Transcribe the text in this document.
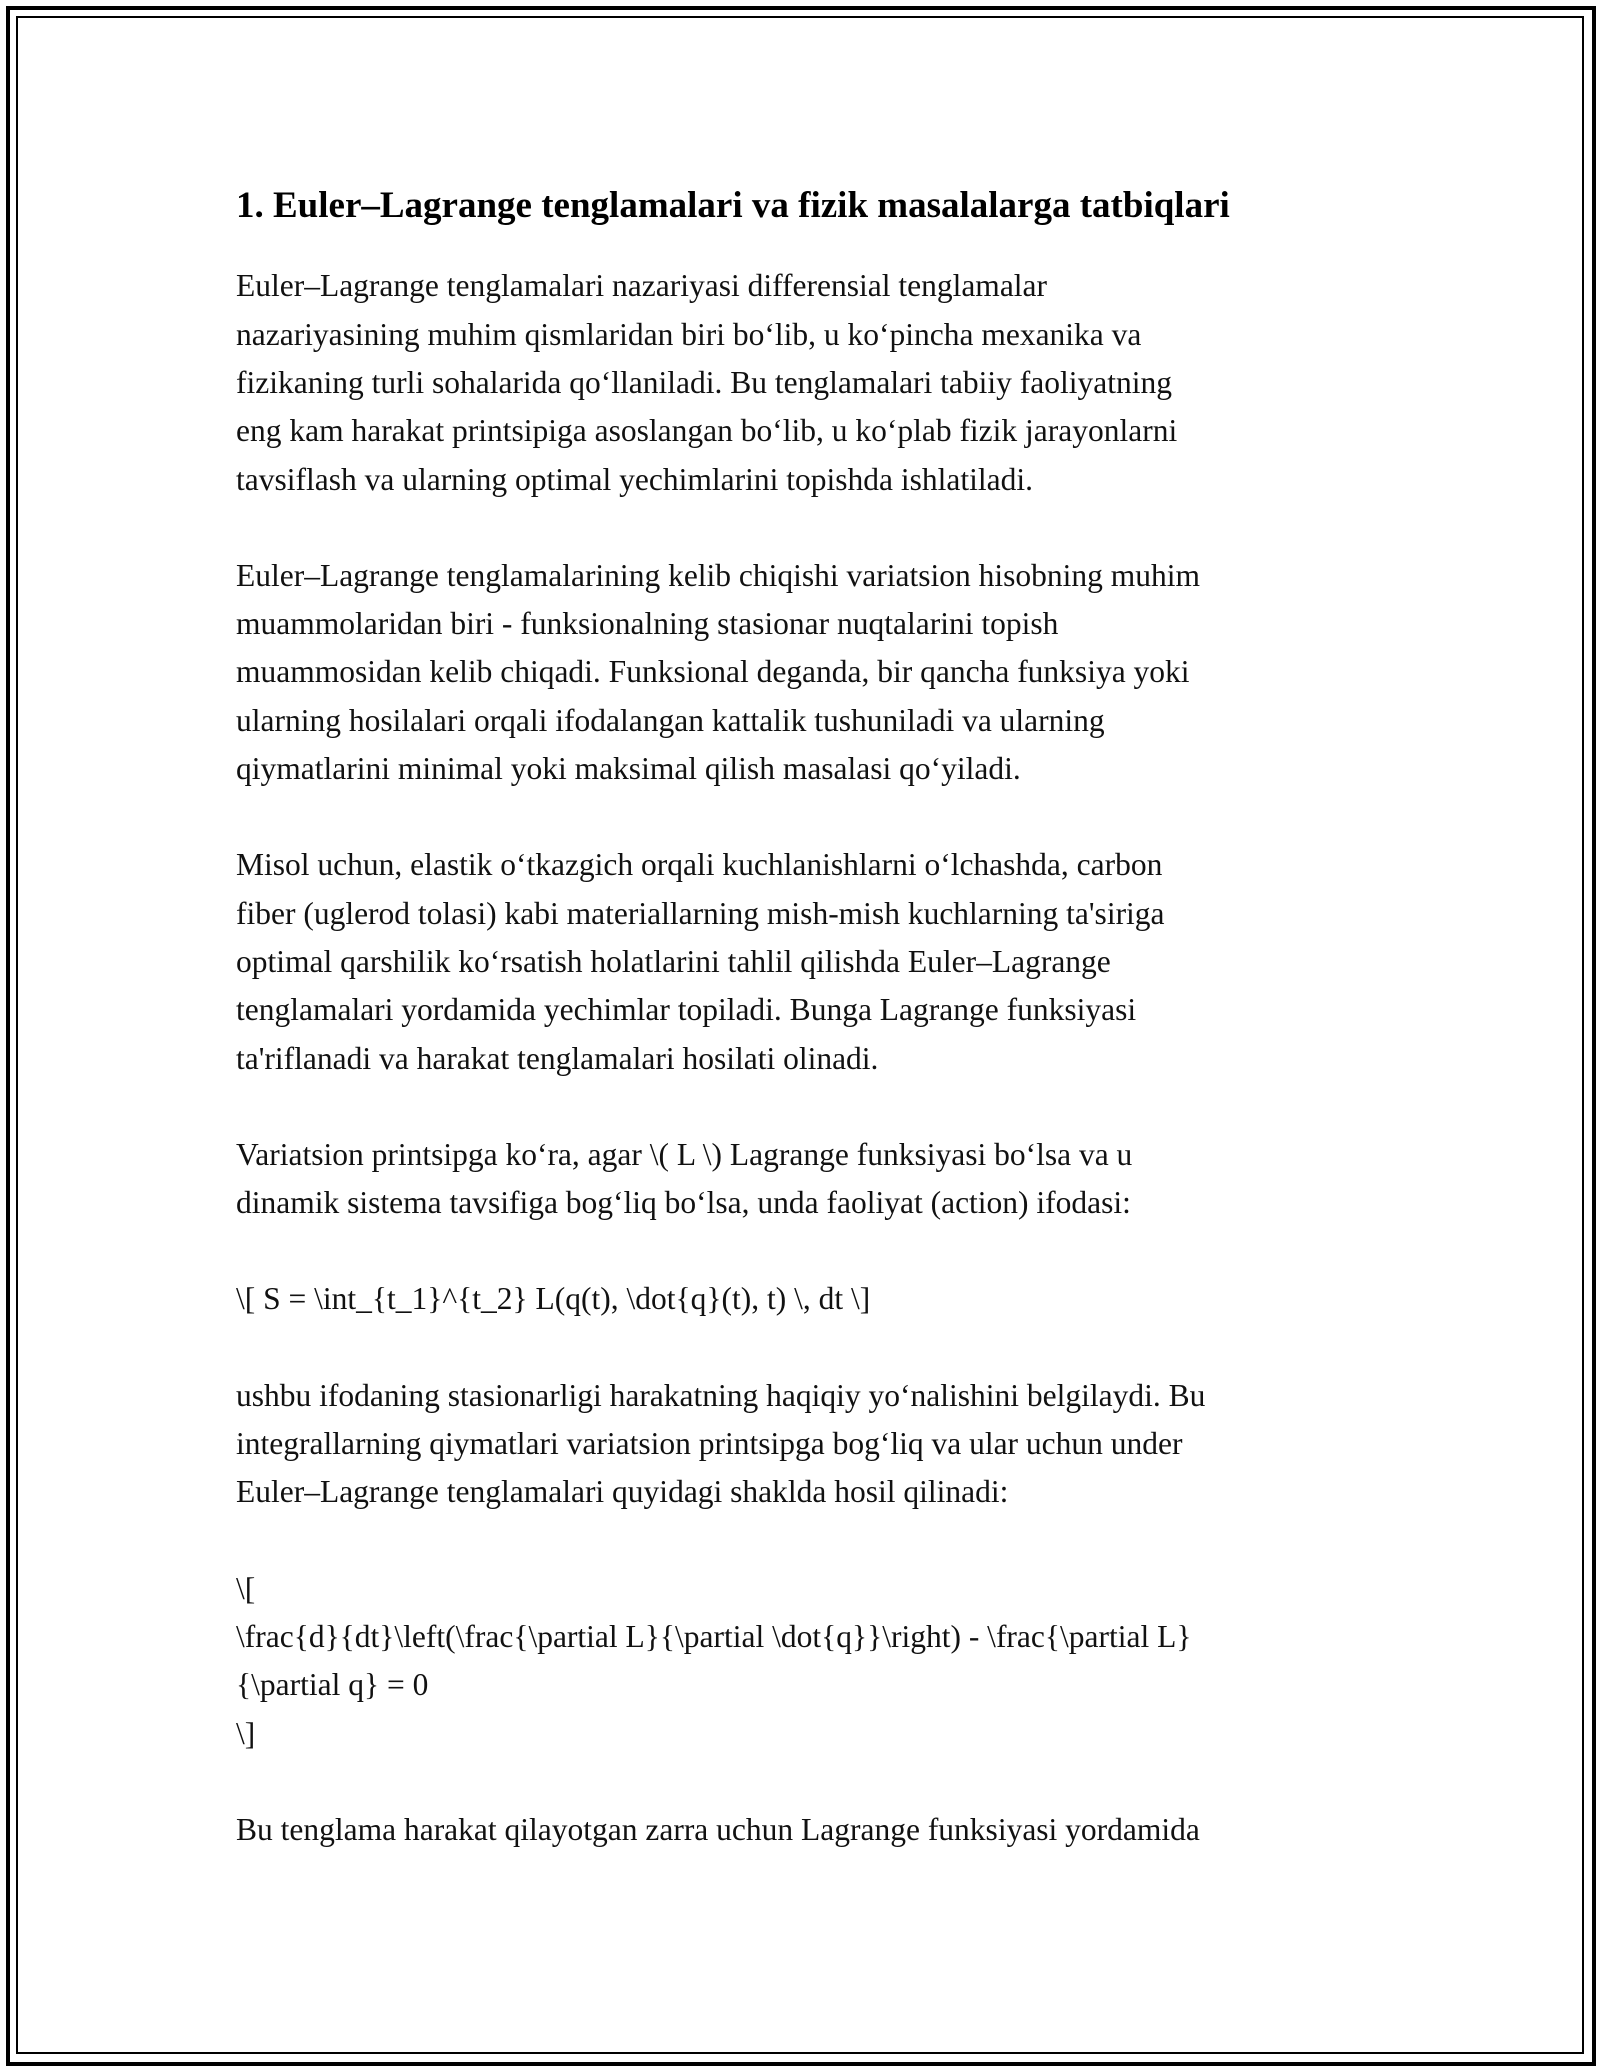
1. Euler–Lagrange tenglamalari va fizik masalalarga tatbiqlari

Euler–Lagrange tenglamalari nazariyasi differensial tenglamalar
nazariyasining muhim qismlaridan biri bo‘lib, u ko‘pincha mexanika va
fizikaning turli sohalarida qo‘llaniladi. Bu tenglamalari tabiiy faoliyatning
eng kam harakat printsipiga asoslangan bo‘lib, u ko‘plab fizik jarayonlarni
tavsiflash va ularning optimal yechimlarini topishda ishlatiladi.

Euler–Lagrange tenglamalarining kelib chiqishi variatsion hisobning muhim
muammolaridan biri - funksionalning stasionar nuqtalarini topish
muammosidan kelib chiqadi. Funksional deganda, bir qancha funksiya yoki
ularning hosilalari orqali ifodalangan kattalik tushuniladi va ularning
qiymatlarini minimal yoki maksimal qilish masalasi qo‘yiladi.

Misol uchun, elastik o‘tkazgich orqali kuchlanishlarni o‘lchashda, carbon
fiber (uglerod tolasi) kabi materiallarning mish-mish kuchlarning ta'siriga
optimal qarshilik ko‘rsatish holatlarini tahlil qilishda Euler–Lagrange
tenglamalari yordamida yechimlar topiladi. Bunga Lagrange funksiyasi
ta'riflanadi va harakat tenglamalari hosilati olinadi.

Variatsion printsipga ko‘ra, agar \( L \) Lagrange funksiyasi bo‘lsa va u
dinamik sistema tavsifiga bog‘liq bo‘lsa, unda faoliyat (action) ifodasi:

\[ S = \int_{t_1}^{t_2} L(q(t), \dot{q}(t), t) \, dt \]

ushbu ifodaning stasionarligi harakatning haqiqiy yo‘nalishini belgilaydi. Bu
integrallarning qiymatlari variatsion printsipga bog‘liq va ular uchun under
Euler–Lagrange tenglamalari quyidagi shaklda hosil qilinadi:

\[
\frac{d}{dt}\left(\frac{\partial L}{\partial \dot{q}}\right) - \frac{\partial L}
{\partial q} = 0
\]

Bu tenglama harakat qilayotgan zarra uchun Lagrange funksiyasi yordamida
